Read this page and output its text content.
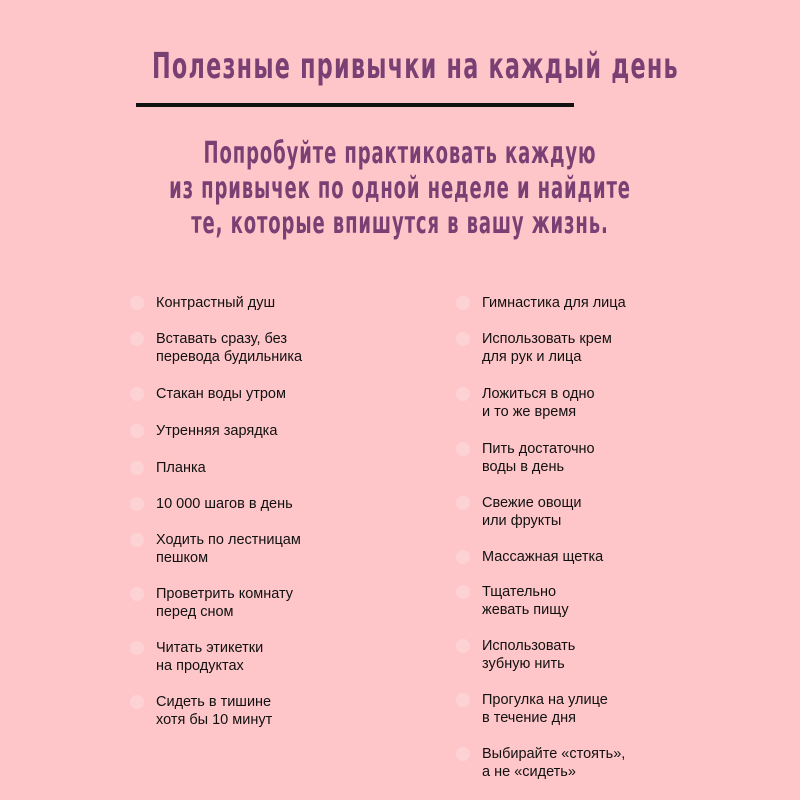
Полезные привычки на каждый день
Попробуйте практиковать каждую
из привычек по одной неделе и найдите
те, которые впишутся в вашу жизнь.
Контрастный душ
Вставать сразу, без
перевода будильника
Стакан воды утром
Утренняя зарядка
Планка
10 000 шагов в день
Ходить по лестницам
пешком
Проветрить комнату
перед сном
Читать этикетки
на продуктах
Сидеть в тишине
хотя бы 10 минут
Гимнастика для лица
Использовать крем
для рук и лица
Ложиться в одно
и то же время
Пить достаточно
воды в день
Свежие овощи
или фрукты
Массажная щетка
Тщательно
жевать пищу
Использовать
зубную нить
Прогулка на улице
в течение дня
Выбирайте «стоять»,
а не «сидеть»
